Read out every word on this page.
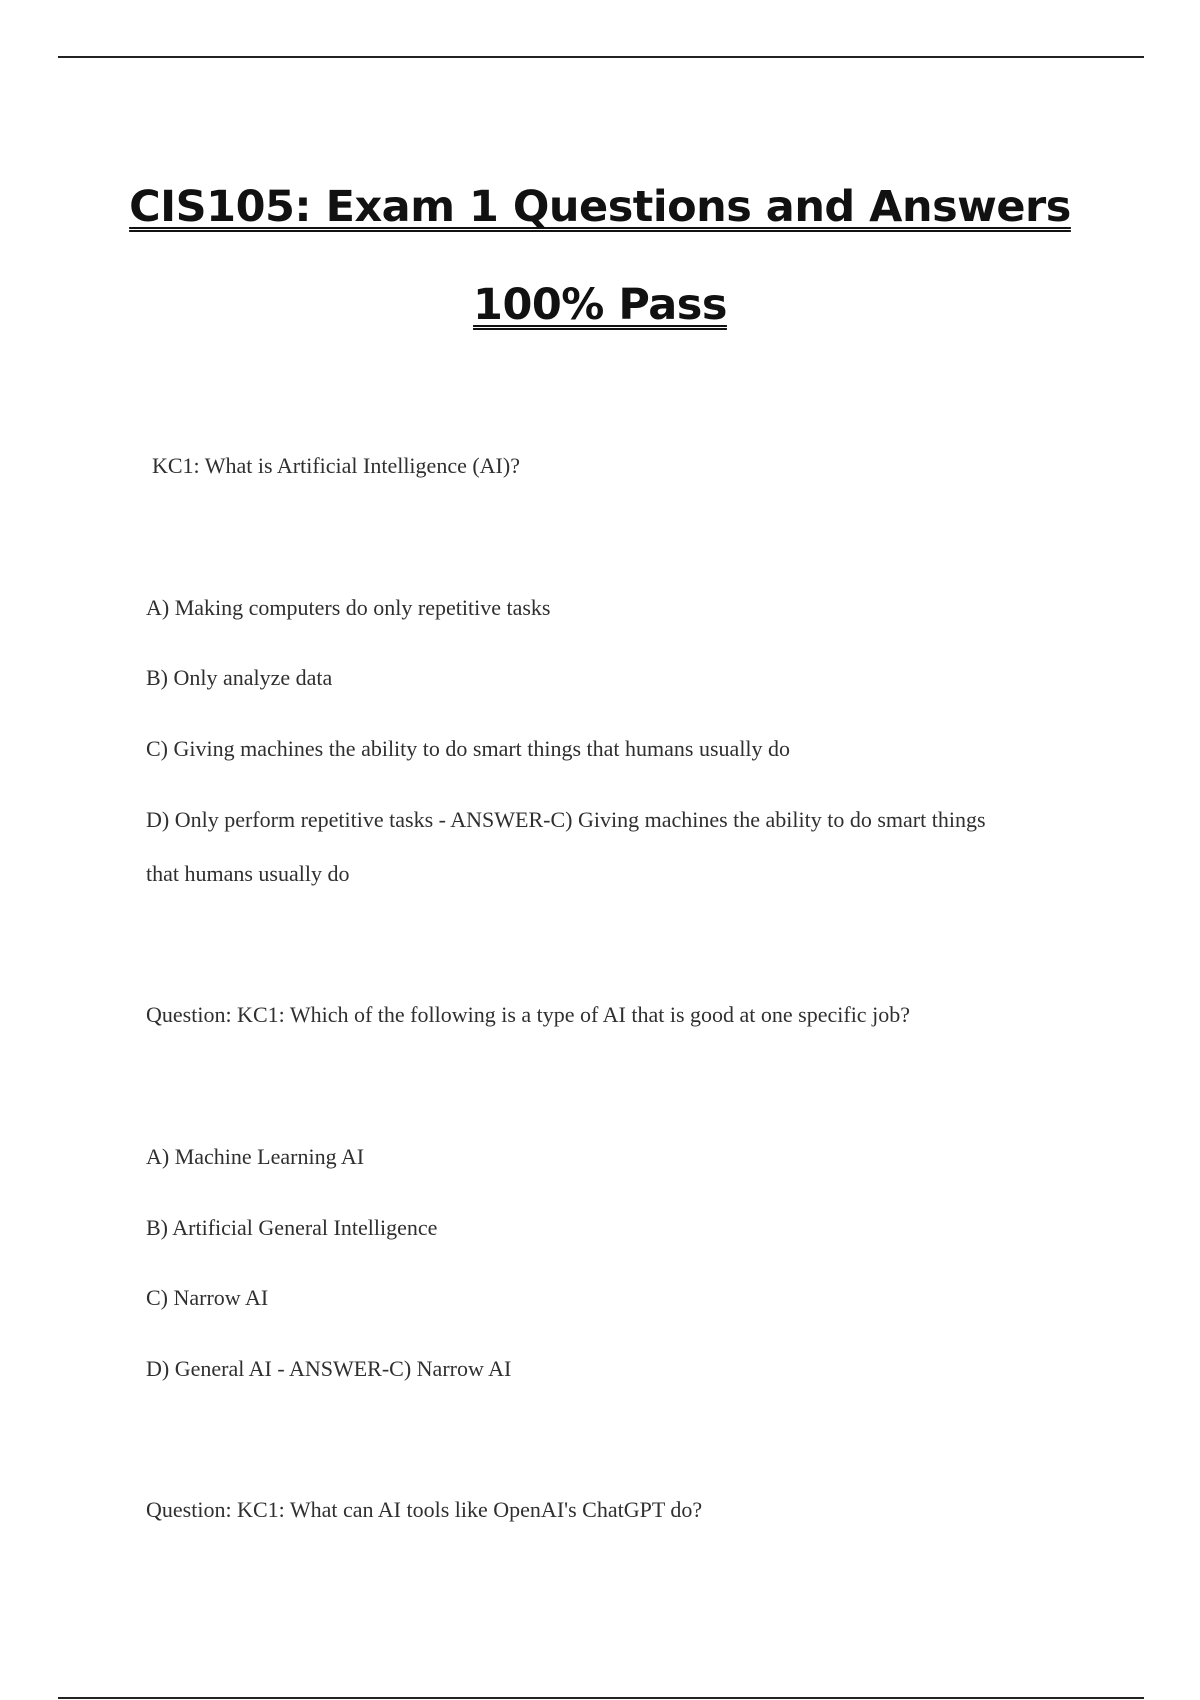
CIS105: Exam 1 Questions and Answers
100% Pass
KC1: What is Artificial Intelligence (AI)?
A) Making computers do only repetitive tasks
B) Only analyze data
C) Giving machines the ability to do smart things that humans usually do
D) Only perform repetitive tasks - ANSWER-C) Giving machines the ability to do smart things
that humans usually do
Question: KC1: Which of the following is a type of AI that is good at one specific job?
A) Machine Learning AI
B) Artificial General Intelligence
C) Narrow AI
D) General AI - ANSWER-C) Narrow AI
Question: KC1: What can AI tools like OpenAI's ChatGPT do?
